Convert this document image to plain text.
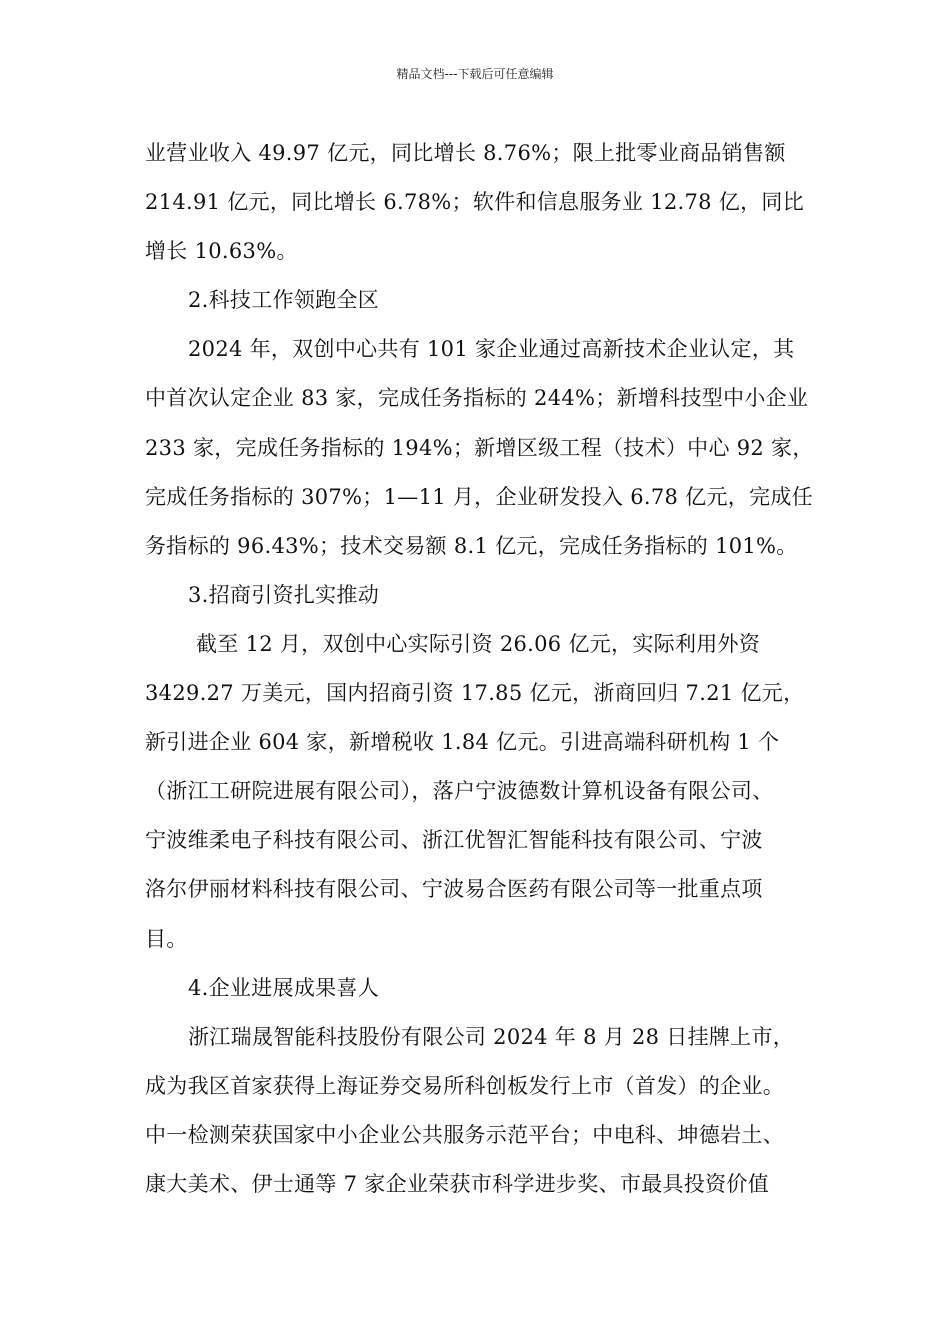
精品文档---下载后可任意编辑
业营业收入 49.97 亿元，同比增长 8.76%；限上批零业商品销售额
214.91 亿元，同比增长 6.78%；软件和信息服务业 12.78 亿，同比
增长 10.63%。
2.科技工作领跑全区
2024 年，双创中心共有 101 家企业通过高新技术企业认定，其
中首次认定企业 83 家，完成任务指标的 244%；新增科技型中小企业
233 家，完成任务指标的 194%；新增区级工程（技术）中心 92 家，
完成任务指标的 307%；1—11 月，企业研发投入 6.78 亿元，完成任
务指标的 96.43%；技术交易额 8.1 亿元，完成任务指标的 101%。
3.招商引资扎实推动
截至 12 月，双创中心实际引资 26.06 亿元，实际利用外资
3429.27 万美元，国内招商引资 17.85 亿元，浙商回归 7.21 亿元，
新引进企业 604 家，新增税收 1.84 亿元。引进高端科研机构 1 个
（浙江工研院进展有限公司），落户宁波德数计算机设备有限公司、
宁波维柔电子科技有限公司、浙江优智汇智能科技有限公司、宁波
洛尔伊丽材料科技有限公司、宁波易合医药有限公司等一批重点项
目。
4.企业进展成果喜人
浙江瑞晟智能科技股份有限公司 2024 年 8 月 28 日挂牌上市，
成为我区首家获得上海证券交易所科创板发行上市（首发）的企业。
中一检测荣获国家中小企业公共服务示范平台；中电科、坤德岩土、
康大美术、伊士通等 7 家企业荣获市科学进步奖、市最具投资价值
